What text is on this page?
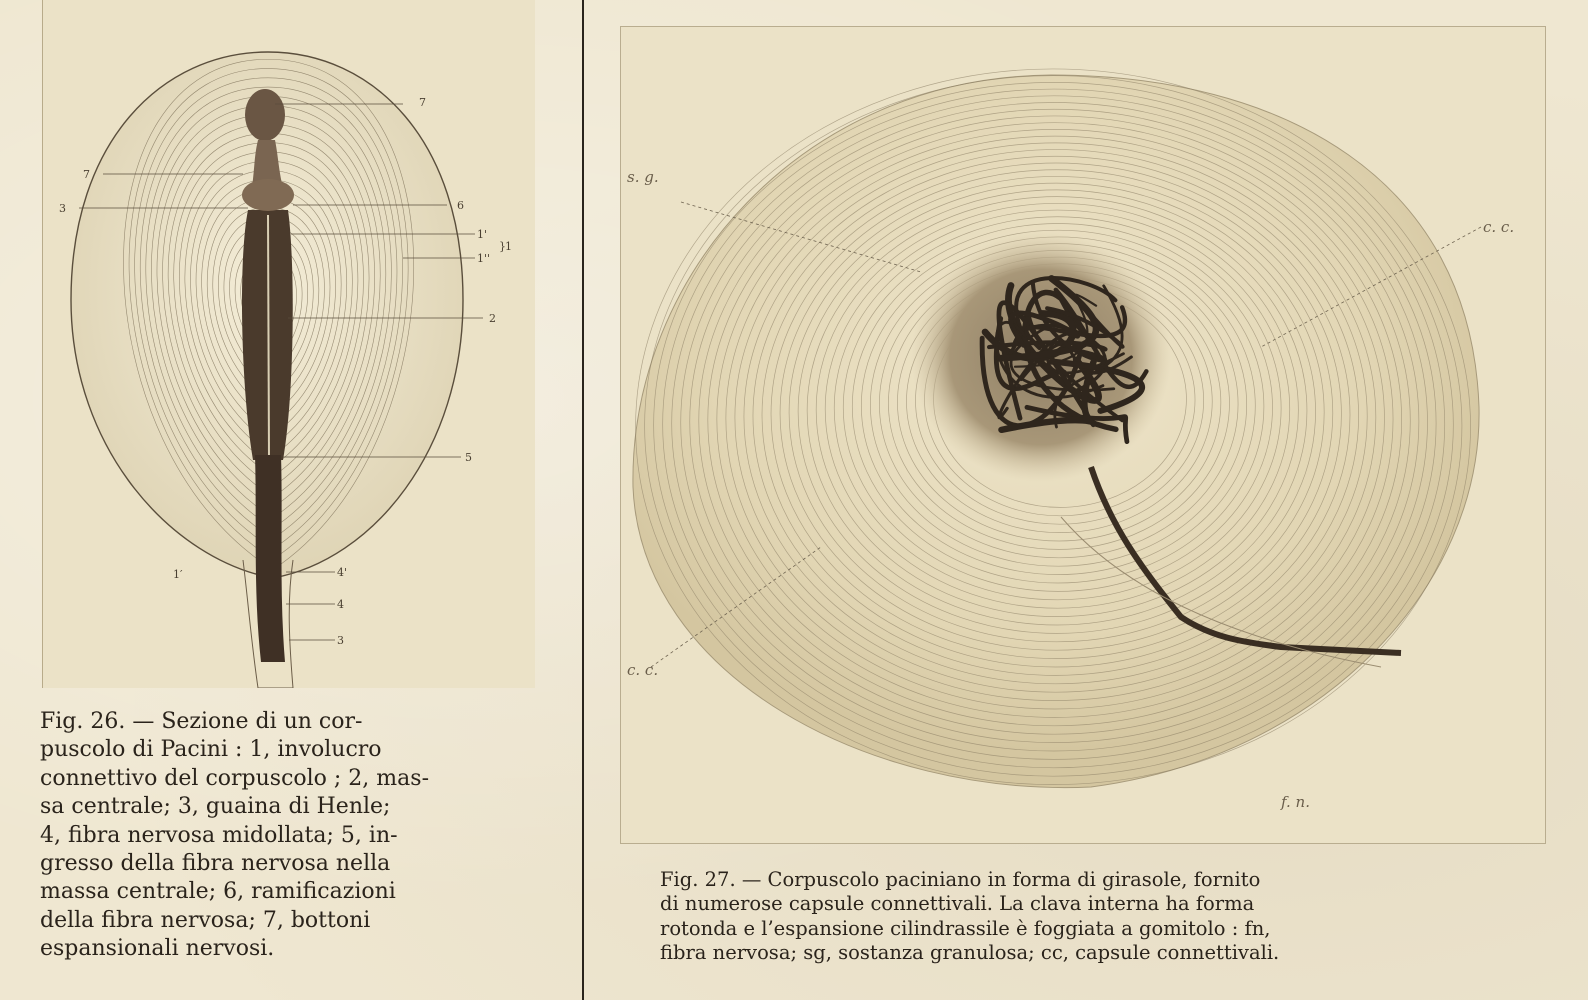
7
7
3	6
1'
1''
} 1
2
5
4'
4
3
1′
Fig. 26. — Sezione di un cor-
puscolo di Pacini : 1, involucro
connettivo del corpuscolo ; 2, mas-
sa centrale; 3, guaina di Henle;
4, fibra nervosa midollata; 5, in-
gresso della fibra nervosa nella
massa centrale; 6, ramificazioni
della fibra nervosa; 7, bottoni
espansionali nervosi.
s. g.
c. c.
c. c.
f. n.
Fig. 27. — Corpuscolo paciniano in forma di girasole, fornito
di numerose capsule connettivali. La clava interna ha forma
rotonda e l’espansione cilindrassile è foggiata a gomitolo : fn,
fibra nervosa; sg, sostanza granulosa; cc, capsule connettivali.
